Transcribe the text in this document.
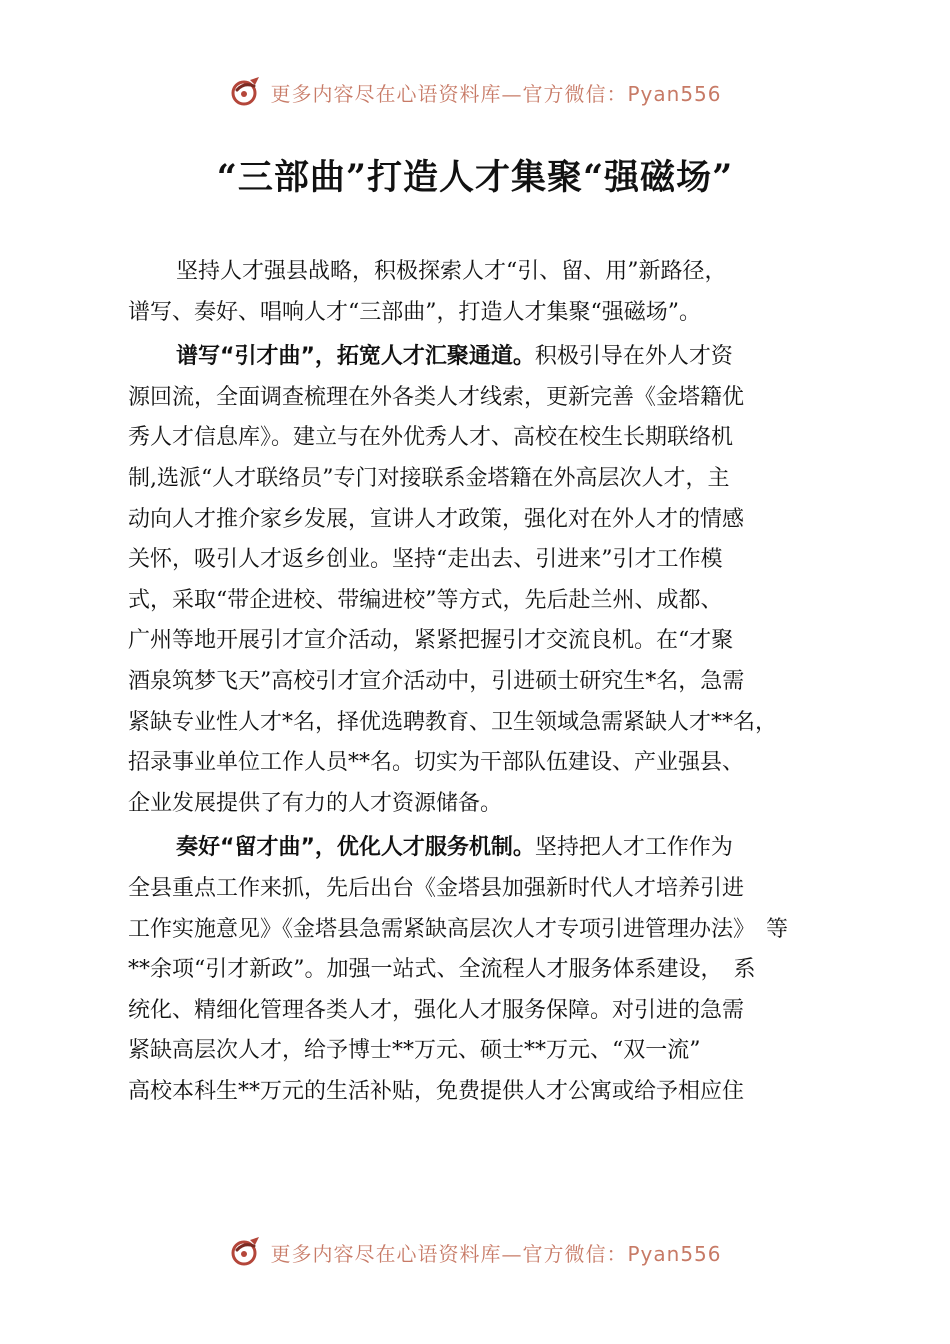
更多内容尽在心语资料库—官方微信：Pyan556
“三部曲”打造人才集聚“强磁场”
坚持人才强县战略，积极探索人才“引、留、用”新路径，
谱写、奏好、唱响人才“三部曲”，打造人才集聚“强磁场”。
谱写“引才曲”，拓宽人才汇聚通道。积极引导在外人才资
源回流，全面调查梳理在外各类人才线索，更新完善《金塔籍优
秀人才信息库》。建立与在外优秀人才、高校在校生长期联络机
制,选派“人才联络员”专门对接联系金塔籍在外高层次人才，主
动向人才推介家乡发展，宣讲人才政策，强化对在外人才的情感
关怀，吸引人才返乡创业。坚持“走出去、引进来”引才工作模
式，采取“带企进校、带编进校”等方式，先后赴兰州、成都、
广州等地开展引才宣介活动，紧紧把握引才交流良机。在“才聚
酒泉筑梦飞天”高校引才宣介活动中，引进硕士研究生*名，急需
紧缺专业性人才*名，择优选聘教育、卫生领域急需紧缺人才**名，
招录事业单位工作人员**名。切实为干部队伍建设、产业强县、
企业发展提供了有力的人才资源储备。
奏好“留才曲”，优化人才服务机制。坚持把人才工作作为
全县重点工作来抓，先后出台《金塔县加强新时代人才培养引进
工作实施意见》《金塔县急需紧缺高层次人才专项引进管理办法》　等
**余项“引才新政”。加强一站式、全流程人才服务体系建设，　系
统化、精细化管理各类人才，强化人才服务保障。对引进的急需
紧缺高层次人才，给予博士**万元、硕士**万元、“双一流”
高校本科生**万元的生活补贴，免费提供人才公寓或给予相应住
更多内容尽在心语资料库—官方微信：Pyan556
